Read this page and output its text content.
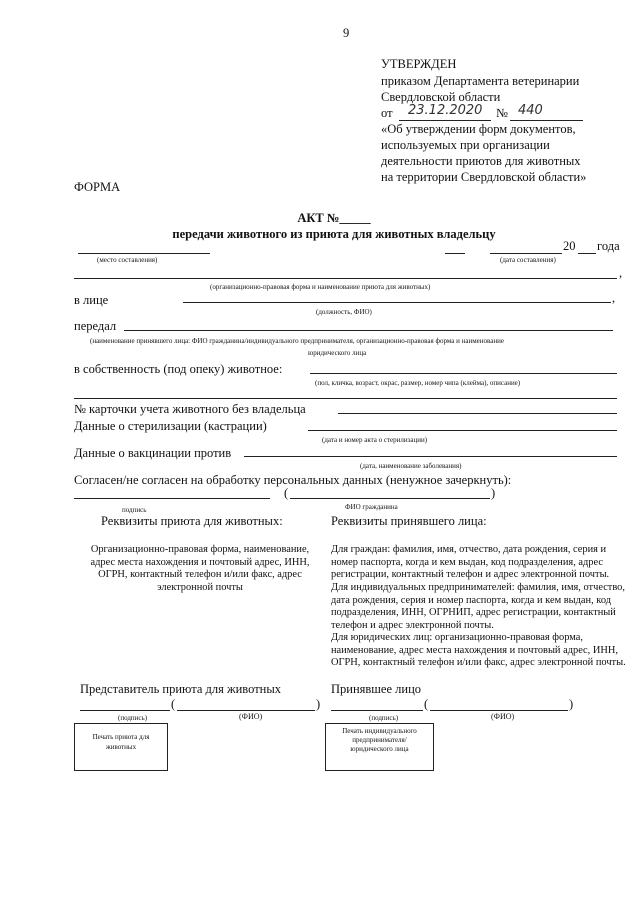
9
УТВЕРЖДЕН
приказом Департамента ветеринарии
Свердловской области
от 23.12.2020 № 440
«Об утверждении форм документов,
используемых при организации
деятельности приютов для животных
на территории Свердловской области»
ФОРМА
АКТ №_____
передачи животного из приюта для животных владельцу
20 года
(место составления)	(дата составления)
,
(организационно-правовая форма и наименование приюта для животных)
в лице	,
(должность, ФИО)
передал
(наименование принявшего лица: ФИО гражданина/индивидуального предпринимателя, организационно-правовая форма и наименование
юридического лица
в собственность (под опеку) животное:
(пол, кличка, возраст, окрас, размер, номер чипа (клейма), описание)
№ карточки учета животного без владельца
Данные о стерилизации (кастрации)
(дата и номер акта о стерилизации)
Данные о вакцинации против
(дата, наименование заболевания)
Согласен/не согласен на обработку персональных данных (ненужное зачеркнуть):
(	)
подпись	ФИО гражданина
Реквизиты приюта для животных:	Реквизиты принявшего лица:
Организационно-правовая форма, наименование, адрес места нахождения и почтовый адрес, ИНН, ОГРН, контактный телефон и/или факс, адрес электронной почты
Для граждан: фамилия, имя, отчество, дата рождения, серия и номер паспорта, когда и кем выдан, код подразделения, адрес регистрации, контактный телефон и адрес электронной почты.
Для индивидуальных предпринимателей: фамилия, имя, отчество, дата рождения, серия и номер паспорта, когда и кем выдан, код подразделения, ИНН, ОГРНИП, адрес регистрации, контактный телефон и адрес электронной почты.
Для юридических лиц: организационно-правовая форма, наименование, адрес места нахождения и почтовый адрес, ИНН, ОГРН, контактный телефон и/или факс, адрес электронной почты.
Представитель приюта для животных	Принявшее лицо
(	)
(подпись)	(ФИО)
(	)
(подпись)	(ФИО)
Печать приюта для животных
Печать индивидуального предпринимателя/ юридического лица
